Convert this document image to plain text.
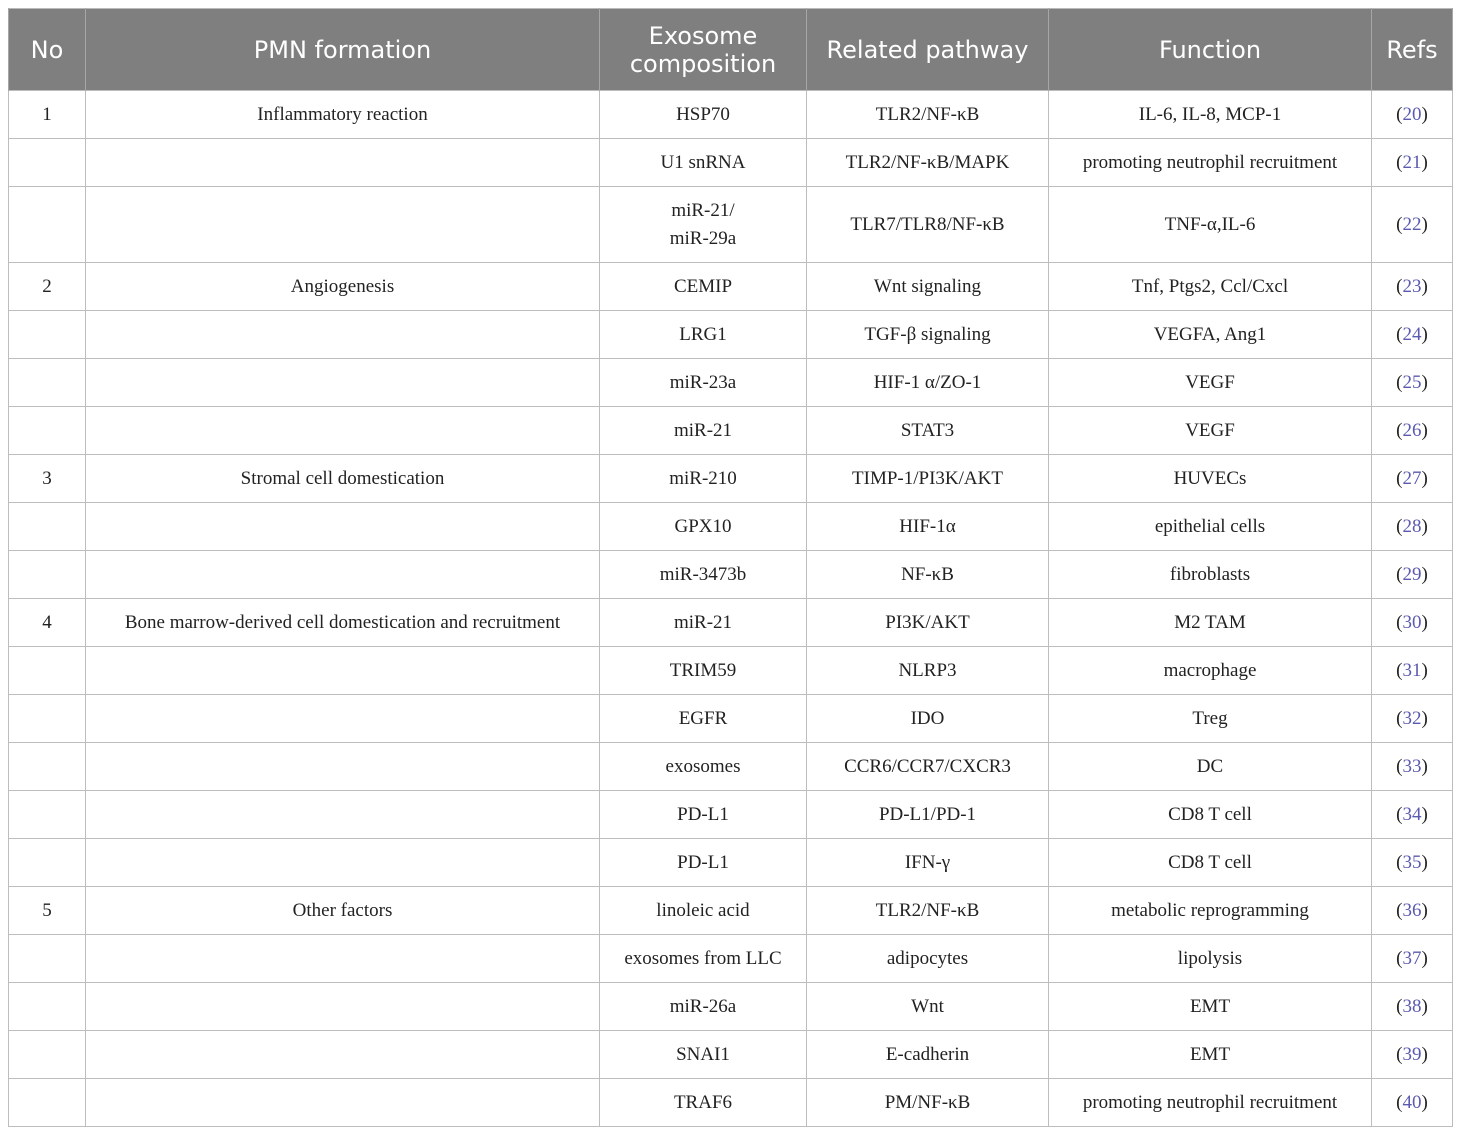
No	PMN formation	Exosome
composition	Related pathway	Function	Refs
1	Inflammatory reaction	HSP70	TLR2/NF-κB	IL-6, IL-8, MCP-1	(20)
		U1 snRNA	TLR2/NF-κB/MAPK	promoting neutrophil recruitment	(21)
		miR-21/
miR-29a	TLR7/TLR8/NF-κB	TNF-α,IL-6	(22)
2	Angiogenesis	CEMIP	Wnt signaling	Tnf, Ptgs2, Ccl/Cxcl	(23)
		LRG1	TGF-β signaling	VEGFA, Ang1	(24)
		miR-23a	HIF-1 α/ZO-1	VEGF	(25)
		miR-21	STAT3	VEGF	(26)
3	Stromal cell domestication	miR-210	TIMP-1/PI3K/AKT	HUVECs	(27)
		GPX10	HIF-1α	epithelial cells	(28)
		miR-3473b	NF-κB	fibroblasts	(29)
4	Bone marrow-derived cell domestication and recruitment	miR-21	PI3K/AKT	M2 TAM	(30)
		TRIM59	NLRP3	macrophage	(31)
		EGFR	IDO	Treg	(32)
		exosomes	CCR6/CCR7/CXCR3	DC	(33)
		PD-L1	PD-L1/PD-1	CD8 T cell	(34)
		PD-L1	IFN-γ	CD8 T cell	(35)
5	Other factors	linoleic acid	TLR2/NF-κB	metabolic reprogramming	(36)
		exosomes from LLC	adipocytes	lipolysis	(37)
		miR-26a	Wnt	EMT	(38)
		SNAI1	E-cadherin	EMT	(39)
		TRAF6	PM/NF-κB	promoting neutrophil recruitment	(40)
